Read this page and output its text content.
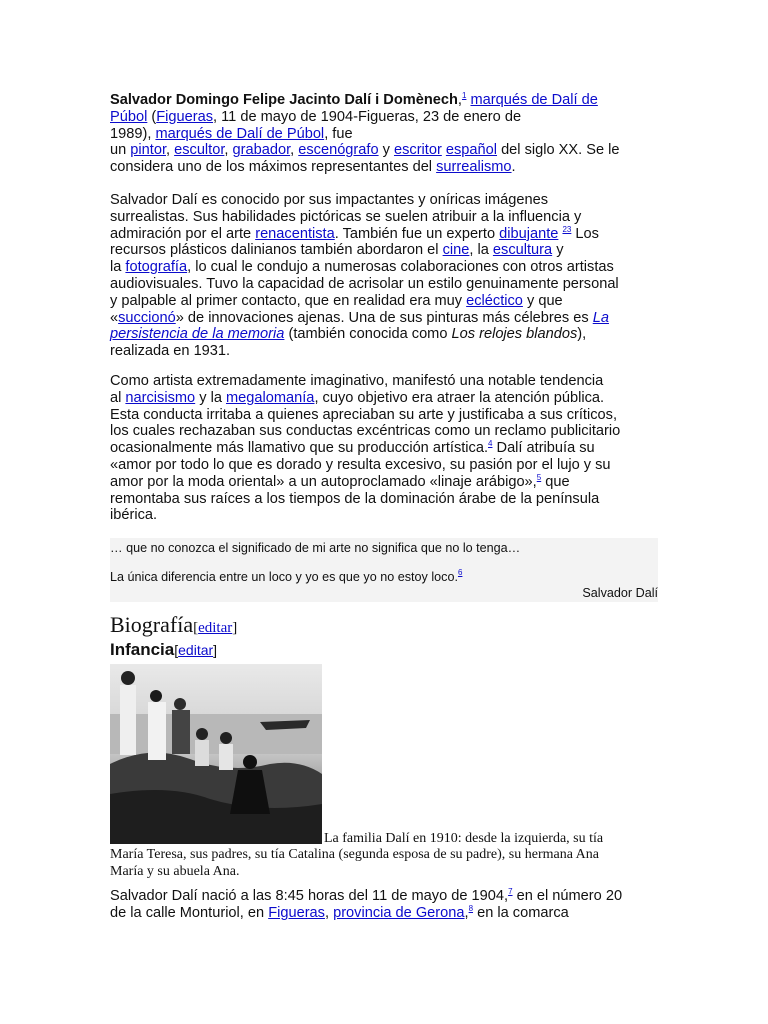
Salvador Domingo Felipe Jacinto Dalí i Domènech,$^1$ marqués de Dalí de
Púbol (Figueras, 11 de mayo de 1904-Figueras, 23 de enero de
1989), marqués de Dalí de Púbol, fue
un pintor, escultor, grabador, escenógrafo y escritor español del siglo XX. Se le
considera uno de los máximos representantes del surrealismo.

Salvador Dalí es conocido por sus impactantes y oníricas imágenes
surrealistas. Sus habilidades pictóricas se suelen atribuir a la influencia y
admiración por el arte renacentista. También fue un experto dibujante $^{23}$ Los
recursos plásticos dalinianos también abordaron el cine, la escultura y
la fotografía, lo cual le condujo a numerosas colaboraciones con otros artistas
audiovisuales. Tuvo la capacidad de acrisolar un estilo genuinamente personal
y palpable al primer contacto, que en realidad era muy ecléctico y que
«succionó» de innovaciones ajenas. Una de sus pinturas más célebres es La
persistencia de la memoria (también conocida como Los relojes blandos),
realizada en 1931.

Como artista extremadamente imaginativo, manifestó una notable tendencia
al narcisismo y la megalomanía, cuyo objetivo era atraer la atención pública.
Esta conducta irritaba a quienes apreciaban su arte y justificaba a sus críticos,
los cuales rechazaban sus conductas excéntricas como un reclamo publicitario
ocasionalmente más llamativo que su producción artística.$^4$ Dalí atribuía su
«amor por todo lo que es dorado y resulta excesivo, su pasión por el lujo y su
amor por la moda oriental» a un autoproclamado «linaje arábigo»,$^5$ que
remontaba sus raíces a los tiempos de la dominación árabe de la península
ibérica.

… que no conozca el significado de mi arte no significa que no lo tenga…
La única diferencia entre un loco y yo es que yo no estoy loco.$^6$
Salvador Dalí
Biografía[editar]
Infancia[editar]
La familia Dalí en 1910: desde la izquierda, su tía
María Teresa, sus padres, su tía Catalina (segunda esposa de su padre), su hermana Ana
María y su abuela Ana.

Salvador Dalí nació a las 8:45 horas del 11 de mayo de 1904,$^7$ en el número 20
de la calle Monturiol, en Figueras, provincia de Gerona,$^8$ en la comarca
